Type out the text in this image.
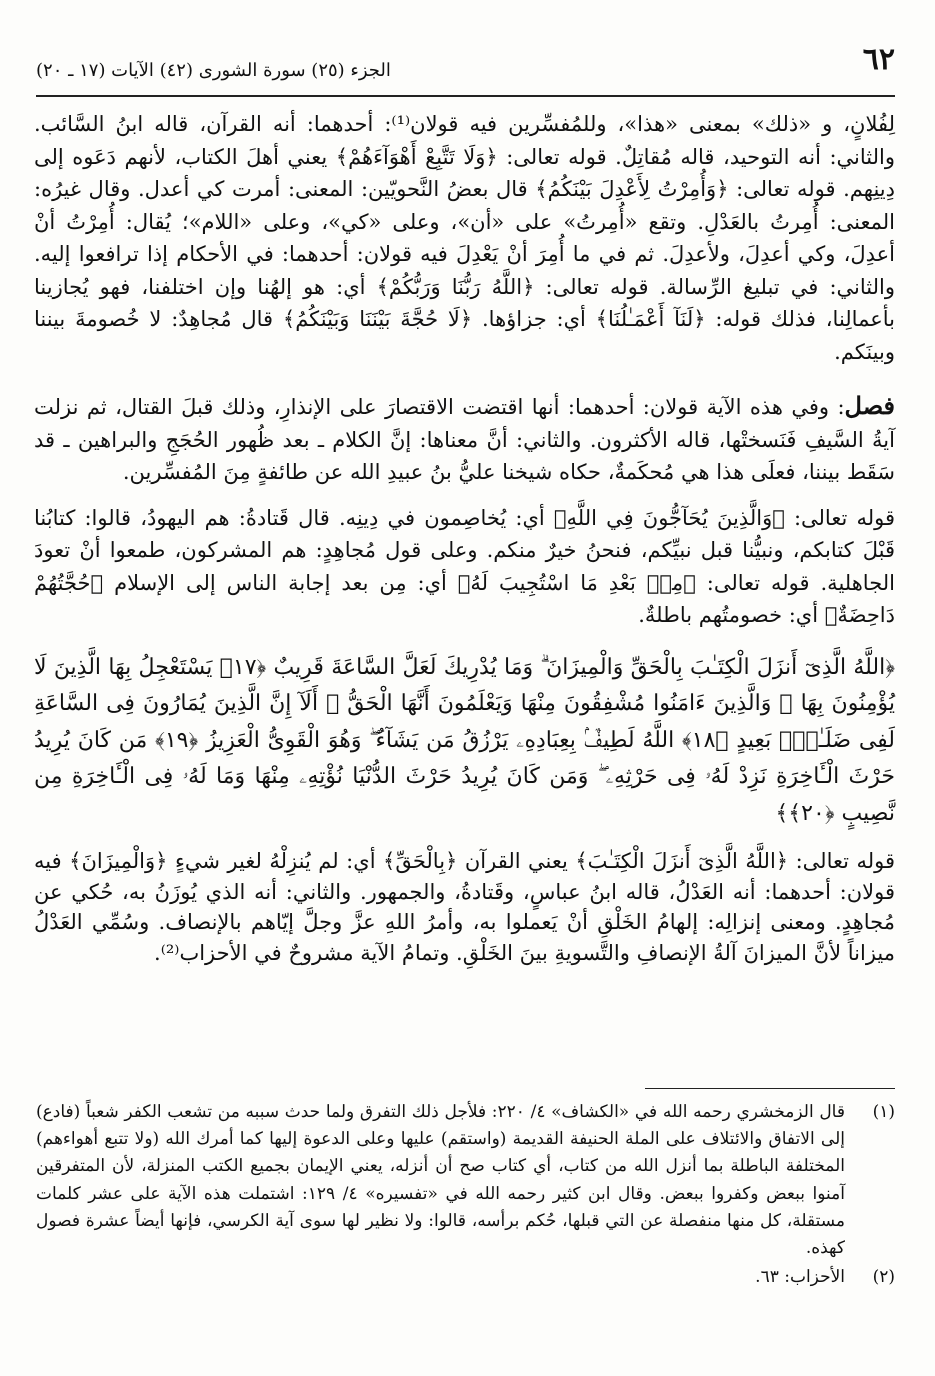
٦٢
الجزء (٢٥) سورة الشورى (٤٢) الآيات (١٧ ـ ٢٠)

لِفُلانٍ، و «ذلك» بمعنى «هذا»، وللمُفسِّرين فيه قولان⁽¹⁾: أحدهما: أنه القرآن، قاله ابنُ السَّائب. والثاني: أنه التوحيد، قاله مُقاتِلٌ. قوله تعالى: ﴿وَلَا تَتَّبِعْ أَهْوَآءَهُمْ﴾ يعني أهلَ الكتاب، لأنهم دَعَوه إلى دِينِهم. قوله تعالى: ﴿وَأُمِرْتُ لِأَعْدِلَ بَيْنَكُمُ﴾ قال بعضُ النَّحويّين: المعنى: أمرت كي أعدل. وقال غيرُه: المعنى: أُمِرتُ بالعَدْلِ. وتقع «أُمِرتُ» على «أن»، وعلى «كي»، وعلى «اللام»؛ يُقال: أُمِرْتُ أنْ أعدِلَ، وكي أعدِلَ، ولأعدِلَ. ثم في ما أُمِرَ أنْ يَعْدِلَ فيه قولان: أحدهما: في الأحكام إذا ترافعوا إليه. والثاني: في تبليغ الرِّسالة. قوله تعالى: ﴿اللَّهُ رَبُّنَا وَرَبُّكُمْ﴾ أي: هو إلهُنا وإن اختلفنا، فهو يُجازينا بأعمالِنا، فذلك قوله: ﴿لَنَآ أَعْمَـٰلُنَا﴾ أي: جزاؤها. ﴿لَا حُجَّةَ بَيْنَنَا وَبَيْنَكُمُ﴾ قال مُجاهِدٌ: لا خُصومةَ بيننا وبينَكم.

فصل: وفي هذه الآية قولان: أحدهما: أنها اقتضت الاقتصارَ على الإنذارِ، وذلك قبلَ القتال، ثم نزلت آيةُ السَّيفِ فَنَسختْها، قاله الأكثرون. والثاني: أنَّ معناها: إنَّ الكلام ـ بعد ظُهور الحُجَجِ والبراهين ـ قد سَقَط بيننا، فعلَى هذا هي مُحكَمةٌ، حكاه شيخنا عليُّ بنُ عبيدِ الله عن طائفةٍ مِنَ المُفسِّرين.

قوله تعالى: ﴿وَالَّذِينَ يُحَآجُّونَ فِي اللَّهِ﴾ أي: يُخاصِمون في دِينِه. قال قَتادةُ: هم اليهودُ، قالوا: كتابُنا قَبْلَ كتابكم، ونبيُّنا قبل نبيِّكم، فنحنُ خيرٌ منكم. وعلى قول مُجاهِدٍ: هم المشركون، طمعوا أنْ تعودَ الجاهلية. قوله تعالى: ﴿مِنۢ بَعْدِ مَا اسْتُجِيبَ لَهُ﴾ أي: مِن بعد إجابة الناس إلى الإسلام ﴿حُجَّتُهُمْ دَاحِضَةٌ﴾ أي: خصومتُهم باطلةٌ.

﴿اللَّهُ الَّذِىٓ أَنزَلَ الْكِتَـٰبَ بِالْحَقِّ وَالْمِيزَانَ ۗ وَمَا يُدْرِيكَ لَعَلَّ السَّاعَةَ قَرِيبٌ ﴿١٧﴾ يَسْتَعْجِلُ بِهَا الَّذِينَ لَا يُؤْمِنُونَ بِهَا ۖ وَالَّذِينَ ءَامَنُوا مُشْفِقُونَ مِنْهَا وَيَعْلَمُونَ أَنَّهَا الْحَقُّ ۗ أَلَآ إِنَّ الَّذِينَ يُمَارُونَ فِى السَّاعَةِ لَفِى ضَلَـٰلٍۭ بَعِيدٍ ﴿١٨﴾ اللَّهُ لَطِيفٌۢ بِعِبَادِهِۦ يَرْزُقُ مَن يَشَآءُ ۖ وَهُوَ الْقَوِىُّ الْعَزِيزُ ﴿١٩﴾ مَن كَانَ يُرِيدُ حَرْثَ الْـَٔاخِرَةِ نَزِدْ لَهُۥ فِى حَرْثِهِۦ ۖ وَمَن كَانَ يُرِيدُ حَرْثَ الدُّنْيَا نُؤْتِهِۦ مِنْهَا وَمَا لَهُۥ فِى الْـَٔاخِرَةِ مِن نَّصِيبٍ ﴿٢٠﴾﴾

قوله تعالى: ﴿اللَّهُ الَّذِىٓ أَنزَلَ الْكِتَـٰبَ﴾ يعني القرآن ﴿بِالْحَقِّ﴾ أي: لم يُنزِلْهُ لغير شيءٍ ﴿وَالْمِيزَانَ﴾ فيه قولان: أحدهما: أنه العَدْلُ، قاله ابنُ عباسٍ، وقَتادةُ، والجمهور. والثاني: أنه الذي يُوزَنُ به، حُكي عن مُجاهِدٍ. ومعنى إنزالِه: إلهامُ الخَلْقِ أنْ يَعملوا به، وأمرُ اللهِ عزَّ وجلَّ إيّاهم بالإنصاف. وسُمِّي العَدْلُ ميزاناً لأنَّ الميزانَ آلةُ الإنصافِ والتَّسويةِ بينَ الخَلْقِ. وتمامُ الآية مشروحٌ في الأحزاب⁽²⁾.

(١)
قال الزمخشري رحمه الله في «الكشاف» ٤/ ٢٢٠: فلأجل ذلك التفرق ولما حدث سببه من تشعب الكفر شعباً (فادع) إلى الاتفاق والائتلاف على الملة الحنيفة القديمة (واستقم) عليها وعلى الدعوة إليها كما أمرك الله (ولا تتبع أهواءهم) المختلفة الباطلة بما أنزل الله من كتاب، أي كتاب صح أن أنزله، يعني الإيمان بجميع الكتب المنزلة، لأن المتفرقين آمنوا ببعض وكفروا ببعض. وقال ابن كثير رحمه الله في «تفسيره» ٤/ ١٢٩: اشتملت هذه الآية على عشر كلمات مستقلة، كل منها منفصلة عن التي قبلها، حُكم برأسه، قالوا: ولا نظير لها سوى آية الكرسي، فإنها أيضاً عشرة فصول كهذه.
(٢)
الأحزاب: ٦٣.
